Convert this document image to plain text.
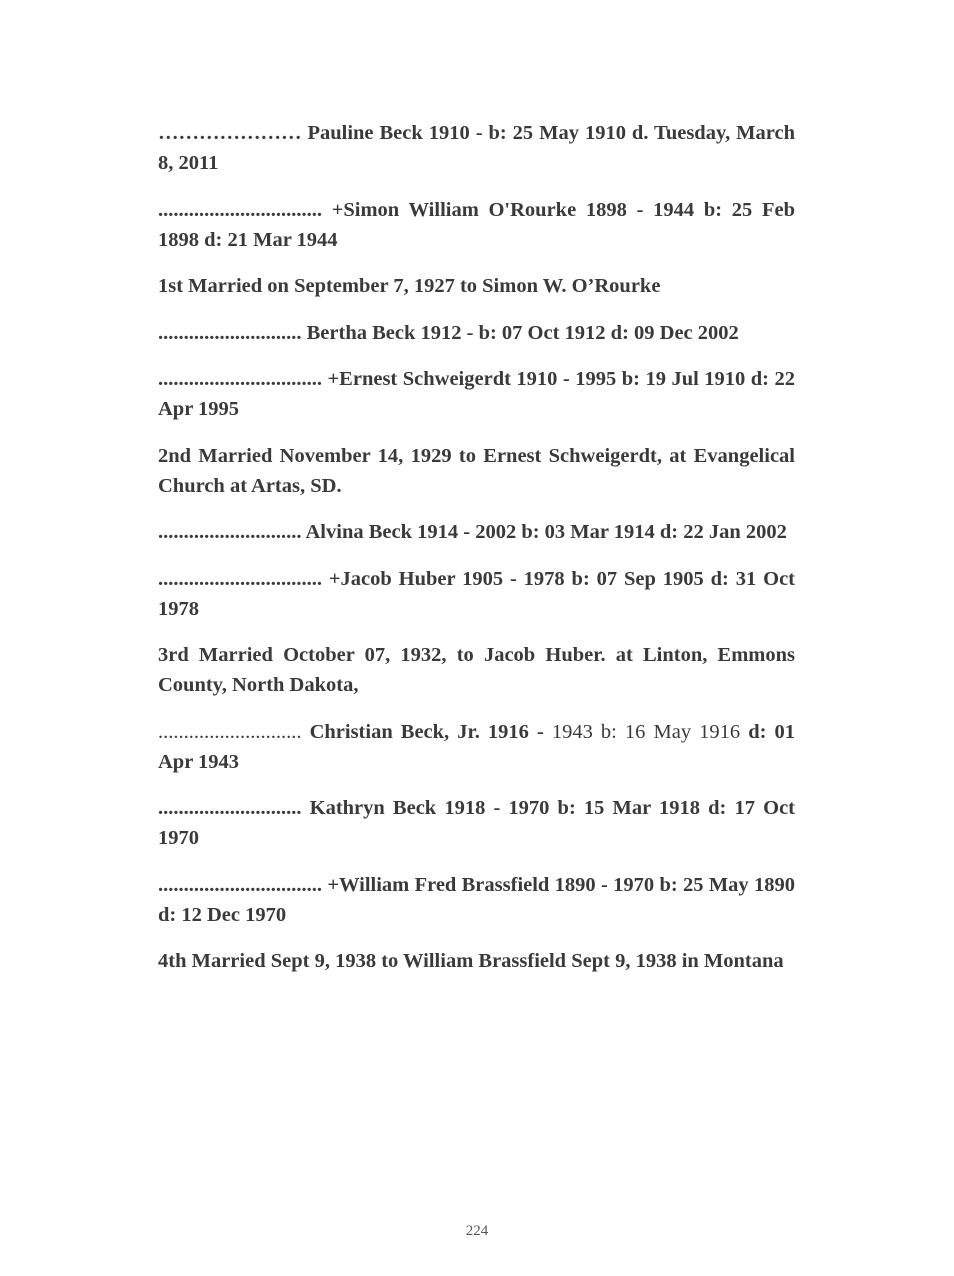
………………… Pauline Beck 1910 - b: 25 May 1910 d. Tuesday, March 8, 2011

................................ +Simon William O'Rourke 1898 - 1944 b: 25 Feb 1898 d: 21 Mar 1944

1st Married on September 7, 1927 to Simon W. O’Rourke

............................ Bertha Beck 1912 - b: 07 Oct 1912 d: 09 Dec 2002

................................ +Ernest Schweigerdt 1910 - 1995 b: 19 Jul 1910 d: 22 Apr 1995

2nd Married November 14, 1929 to Ernest Schweigerdt, at Evangelical Church at Artas, SD.

............................ Alvina Beck 1914 - 2002 b: 03 Mar 1914 d: 22 Jan 2002

................................ +Jacob Huber 1905 - 1978 b: 07 Sep 1905 d: 31 Oct 1978

3rd Married October 07, 1932, to Jacob Huber. at Linton, Emmons County, North Dakota,

............................ Christian Beck, Jr. 1916 - 1943 b: 16 May 1916 d: 01 Apr 1943

............................ Kathryn Beck 1918 - 1970 b: 15 Mar 1918 d: 17 Oct 1970

................................ +William Fred Brassfield 1890 - 1970 b: 25 May 1890 d: 12 Dec 1970

4th Married Sept 9, 1938 to William Brassfield Sept 9, 1938 in Montana

224
